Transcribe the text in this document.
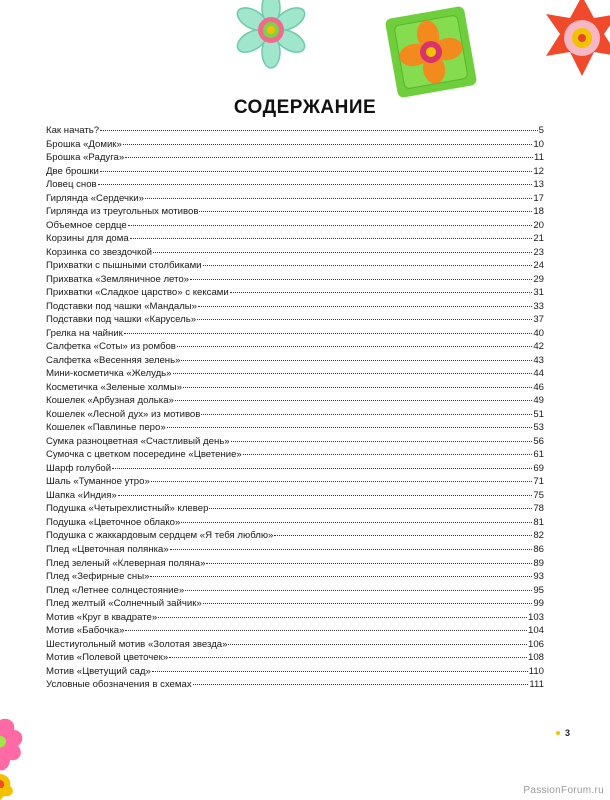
СОДЕРЖАНИЕ
Как начать?	5
Брошка «Домик»	10
Брошка «Радуга»	11
Две брошки	12
Ловец снов	13
Гирлянда «Сердечки»	17
Гирлянда из треугольных мотивов	18
Объемное сердце	20
Корзины для дома	21
Корзинка со звездочкой	23
Прихватки с пышными столбиками	24
Прихватка «Земляничное лето»	29
Прихватки «Сладкое царство» с кексами	31
Подставки под чашки «Мандалы»	33
Подставки под чашки «Карусель»	37
Грелка на чайник	40
Салфетка «Соты» из ромбов	42
Салфетка «Весенняя зелень»	43
Мини-косметичка «Желудь»	44
Косметичка «Зеленые холмы»	46
Кошелек «Арбузная долька»	49
Кошелек «Лесной дух» из мотивов	51
Кошелек «Павлинье перо»	53
Сумка разноцветная «Счастливый день»	56
Сумочка с цветком посередине «Цветение»	61
Шарф голубой	69
Шаль «Туманное утро»	71
Шапка «Индия»	75
Подушка «Четырехлистный» клевер	78
Подушка «Цветочное облако»	81
Подушка с жаккардовым сердцем «Я тебя люблю»	82
Плед «Цветочная полянка»	86
Плед зеленый «Клеверная поляна»	89
Плед «Зефирные сны»	93
Плед «Летнее солнцестояние»	95
Плед желтый «Солнечный зайчик»	99
Мотив «Круг в квадрате»	103
Мотив «Бабочка»	104
Шестиугольный мотив «Золотая звезда»	106
Мотив «Полевой цветочек»	108
Мотив «Цветущий сад»	110
Условные обозначения в схемах	111
3
PassionForum.ru
